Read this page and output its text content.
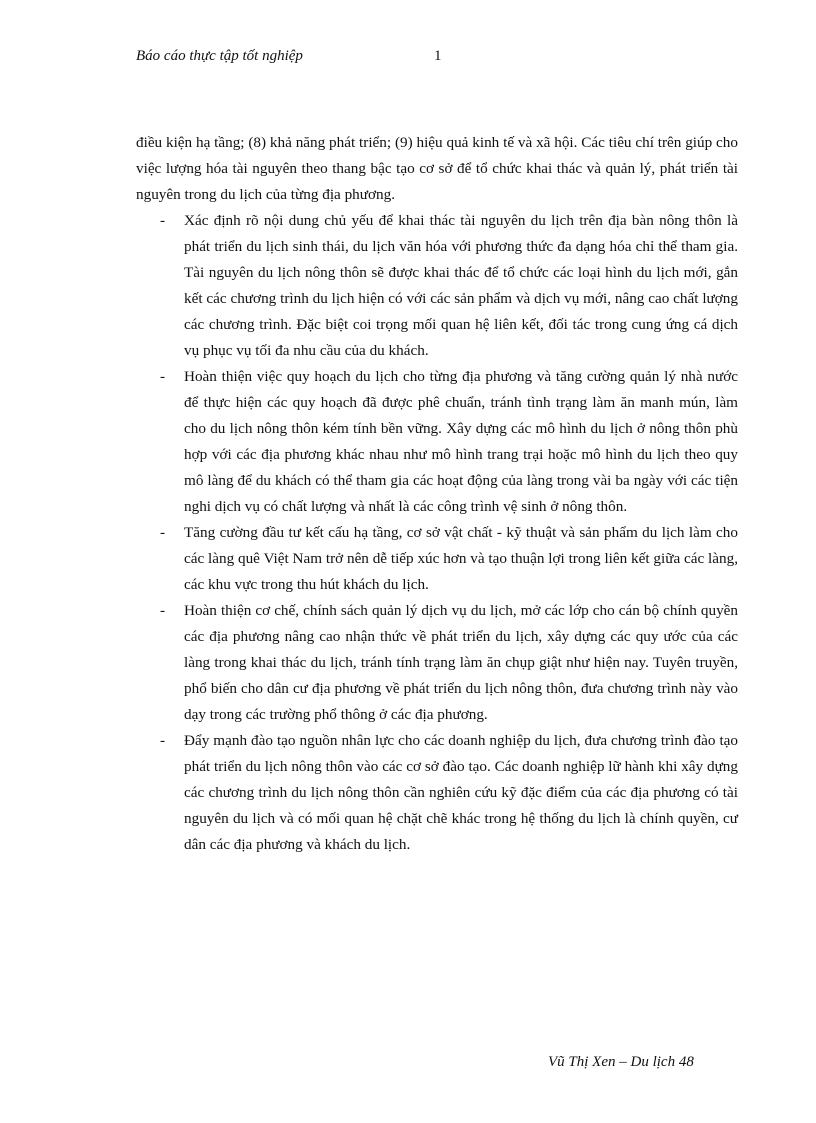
Báo cáo thực tập tốt nghiệp	1

điều kiện hạ tầng; (8) khả năng phát triển; (9) hiệu quả kinh tế và xã hội. Các tiêu chí trên giúp cho việc lượng hóa tài nguyên theo thang bậc tạo cơ sở để tổ chức khai thác và quản lý, phát triển tài nguyên trong du lịch của từng địa phương.

- Xác định rõ nội dung chủ yếu để khai thác tài nguyên du lịch trên địa bàn nông thôn là phát triển du lịch sinh thái, du lịch văn hóa với phương thức đa dạng hóa chỉ thể tham gia. Tài nguyên du lịch nông thôn sẽ được khai thác để tổ chức các loại hình du lịch mới, gắn kết các chương trình du lịch hiện có với các sản phẩm và dịch vụ mới, nâng cao chất lượng các chương trình. Đặc biệt coi trọng mối quan hệ liên kết, đối tác trong cung ứng cá dịch vụ phục vụ tối đa nhu cầu của du khách.
- Hoàn thiện việc quy hoạch du lịch cho từng địa phương và tăng cường quản lý nhà nước để thực hiện các quy hoạch đã được phê chuẩn, tránh tình trạng làm ăn manh mún, làm cho du lịch nông thôn kém tính bền vững. Xây dựng các mô hình du lịch ở nông thôn phù hợp với các địa phương khác nhau như mô hình trang trại hoặc mô hình du lịch theo quy mô làng để du khách có thể tham gia các hoạt động của làng trong vài ba ngày với các tiện nghi dịch vụ có chất lượng và nhất là các công trình vệ sinh ở nông thôn.
- Tăng cường đầu tư kết cấu hạ tầng, cơ sở vật chất - kỹ thuật và sản phẩm du lịch làm cho các làng quê Việt Nam trở nên dễ tiếp xúc hơn và tạo thuận lợi trong liên kết giữa các làng, các khu vực trong thu hút khách du lịch.
- Hoàn thiện cơ chế, chính sách quản lý dịch vụ du lịch, mở các lớp cho cán bộ chính quyền các địa phương nâng cao nhận thức về phát triển du lịch, xây dựng các quy ước của các làng trong khai thác du lịch, tránh tính trạng làm ăn chụp giật như hiện nay. Tuyên truyền, phổ biến cho dân cư địa phương về phát triển du lịch nông thôn, đưa chương trình này vào dạy trong các trường phổ thông ở các địa phương.
- Đẩy mạnh đào tạo nguồn nhân lực cho các doanh nghiệp du lịch, đưa chương trình đào tạo phát triển du lịch nông thôn vào các cơ sở đào tạo. Các doanh nghiệp lữ hành khi xây dựng các chương trình du lịch nông thôn cần nghiên cứu kỹ đặc điểm của các địa phương có tài nguyên du lịch và có mối quan hệ chặt chẽ khác trong hệ thống du lịch là chính quyền, cư dân các địa phương và khách du lịch.
Vũ Thị Xen – Du lịch 48
